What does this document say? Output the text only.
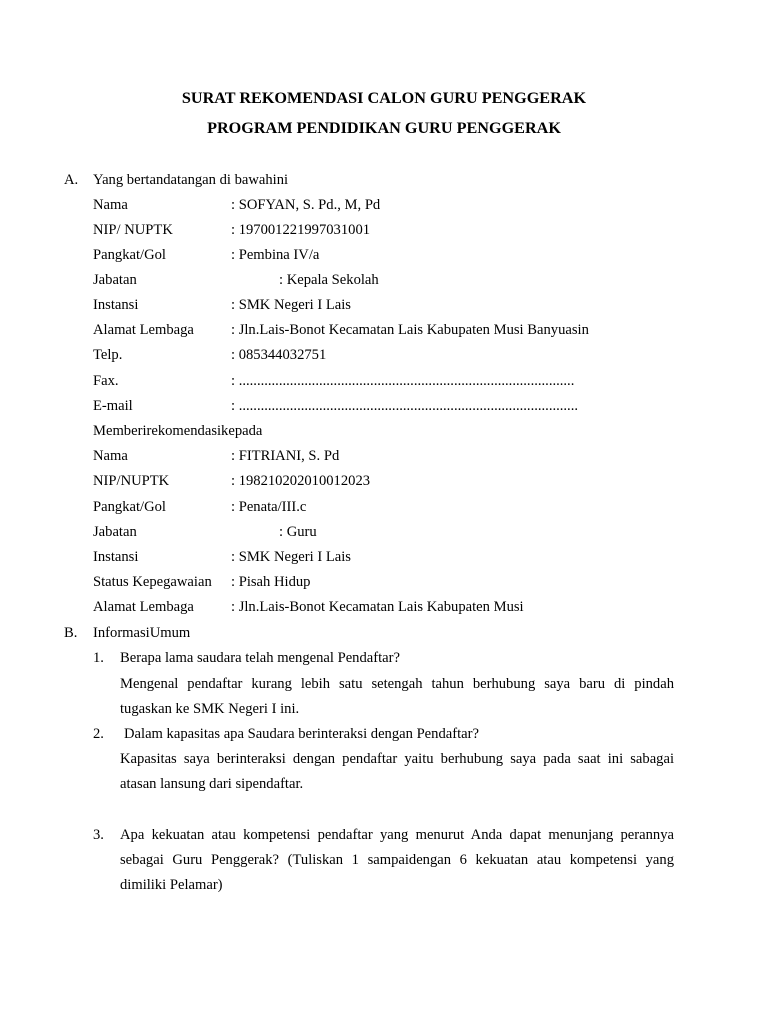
SURAT REKOMENDASI CALON GURU PENGGERAK
PROGRAM PENDIDIKAN GURU PENGGERAK
A. Yang bertandatangan di bawahini
Nama	: SOFYAN, S. Pd., M, Pd
NIP/ NUPTK	: 197001221997031001
Pangkat/Gol	: Pembina IV/a
Jabatan	: Kepala Sekolah
Instansi	: SMK Negeri I Lais
Alamat Lembaga	: Jln.Lais-Bonot Kecamatan Lais Kabupaten Musi Banyuasin
Telp.	: 085344032751
Fax.	: ............................................................................................
E-mail	: .............................................................................................
Memberirekomendasikepada
Nama	: FITRIANI, S. Pd
NIP/NUPTK	: 198210202010012023
Pangkat/Gol	: Penata/III.c
Jabatan	: Guru
Instansi	: SMK Negeri I Lais
Status Kepegawaian : Pisah Hidup
Alamat Lembaga	: Jln.Lais-Bonot Kecamatan Lais Kabupaten Musi
B. InformasiUmum
1. Berapa lama saudara telah mengenal Pendaftar?
Mengenal pendaftar kurang lebih satu setengah tahun berhubung saya baru di pindah
tugaskan ke SMK Negeri I ini.
2. Dalam kapasitas apa Saudara berinteraksi dengan Pendaftar?
Kapasitas saya berinteraksi dengan pendaftar yaitu berhubung saya pada saat ini sabagai
atasan lansung dari sipendaftar.
3. Apa kekuatan atau kompetensi pendaftar yang menurut Anda dapat menunjang perannya
sebagai Guru Penggerak? (Tuliskan 1 sampaidengan 6 kekuatan atau kompetensi yang
dimiliki Pelamar)
